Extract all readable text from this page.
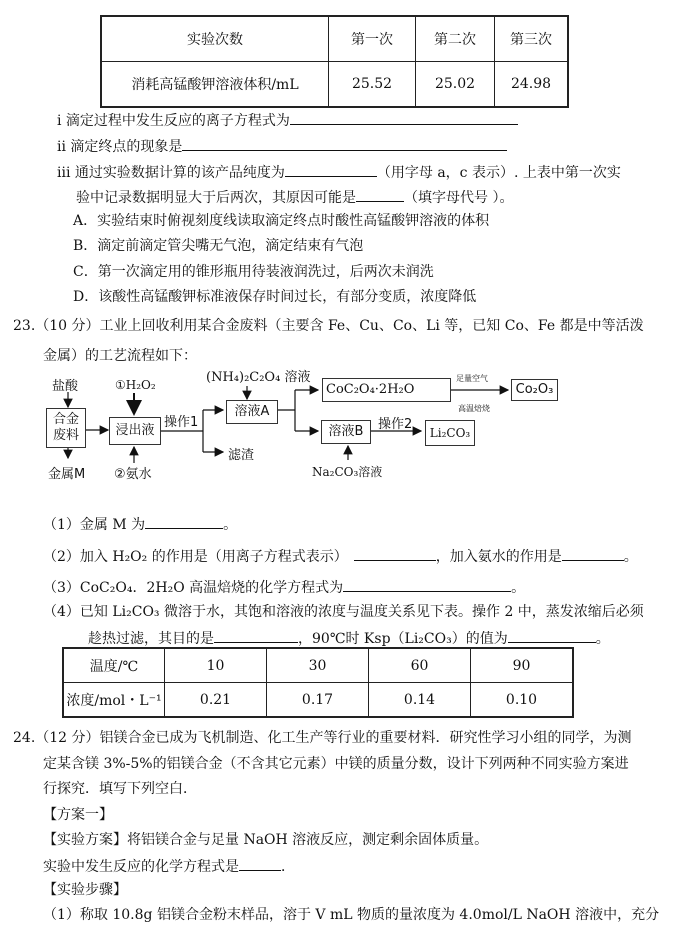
实验次数	第一次	第二次	第三次
消耗高锰酸钾溶液体积/mL	25.52	25.02	24.98
i 滴定过程中发生反应的离子方程式为
ii 滴定终点的现象是
iii 通过实验数据计算的该产品纯度为	（用字母 a，c 表示）. 上表中第一次实
验中记录数据明显大于后两次，其原因可能是	（填字母代号 ）。
A．实验结束时俯视刻度线读取滴定终点时酸性高锰酸钾溶液的体积
B．滴定前滴定管尖嘴无气泡，滴定结束有气泡
C．第一次滴定用的锥形瓶用待装液润洗过，后两次未润洗
D．该酸性高锰酸钾标准液保存时间过长，有部分变质，浓度降低
23.（10 分）工业上回收利用某合金废料（主要含 Fe、Cu、Co、Li 等，已知 Co、Fe 都是中等活泼
金属）的工艺流程如下：
盐酸
合金
废料
金属M
①H₂O₂
浸出液
②氨水
操作1
(NH₄)₂C₂O₄ 溶液
溶液A
滤渣
CoC₂O₄·2H₂O
足量空气
高温焙烧
Co₂O₃
溶液B	操作2
Li₂CO₃
Na₂CO₃溶液
（1）金属 M 为	。
（2）加入 H₂O₂ 的作用是（用离子方程式表示）	，加入氨水的作用是	。
（3）CoC₂O₄．2H₂O 高温焙烧的化学方程式为	。
（4）已知 Li₂CO₃ 微溶于水，其饱和溶液的浓度与温度关系见下表。操作 2 中，蒸发浓缩后必须
趁热过滤，其目的是	，90℃时 Ksp（Li₂CO₃）的值为	。
温度/℃	10	30	60	90
浓度/mol・L⁻¹	0.21	0.17	0.14	0.10
24.（12 分）铝镁合金已成为飞机制造、化工生产等行业的重要材料．研究性学习小组的同学，为测
定某含镁 3%-5%的铝镁合金（不含其它元素）中镁的质量分数，设计下列两种不同实验方案进
行探究．填写下列空白．
【方案一】
【实验方案】将铝镁合金与足量 NaOH 溶液反应，测定剩余固体质量。
实验中发生反应的化学方程式是	．
【实验步骤】
（1）称取 10.8g 铝镁合金粉末样品，溶于 V mL 物质的量浓度为 4.0mol/L NaOH 溶液中，充分
